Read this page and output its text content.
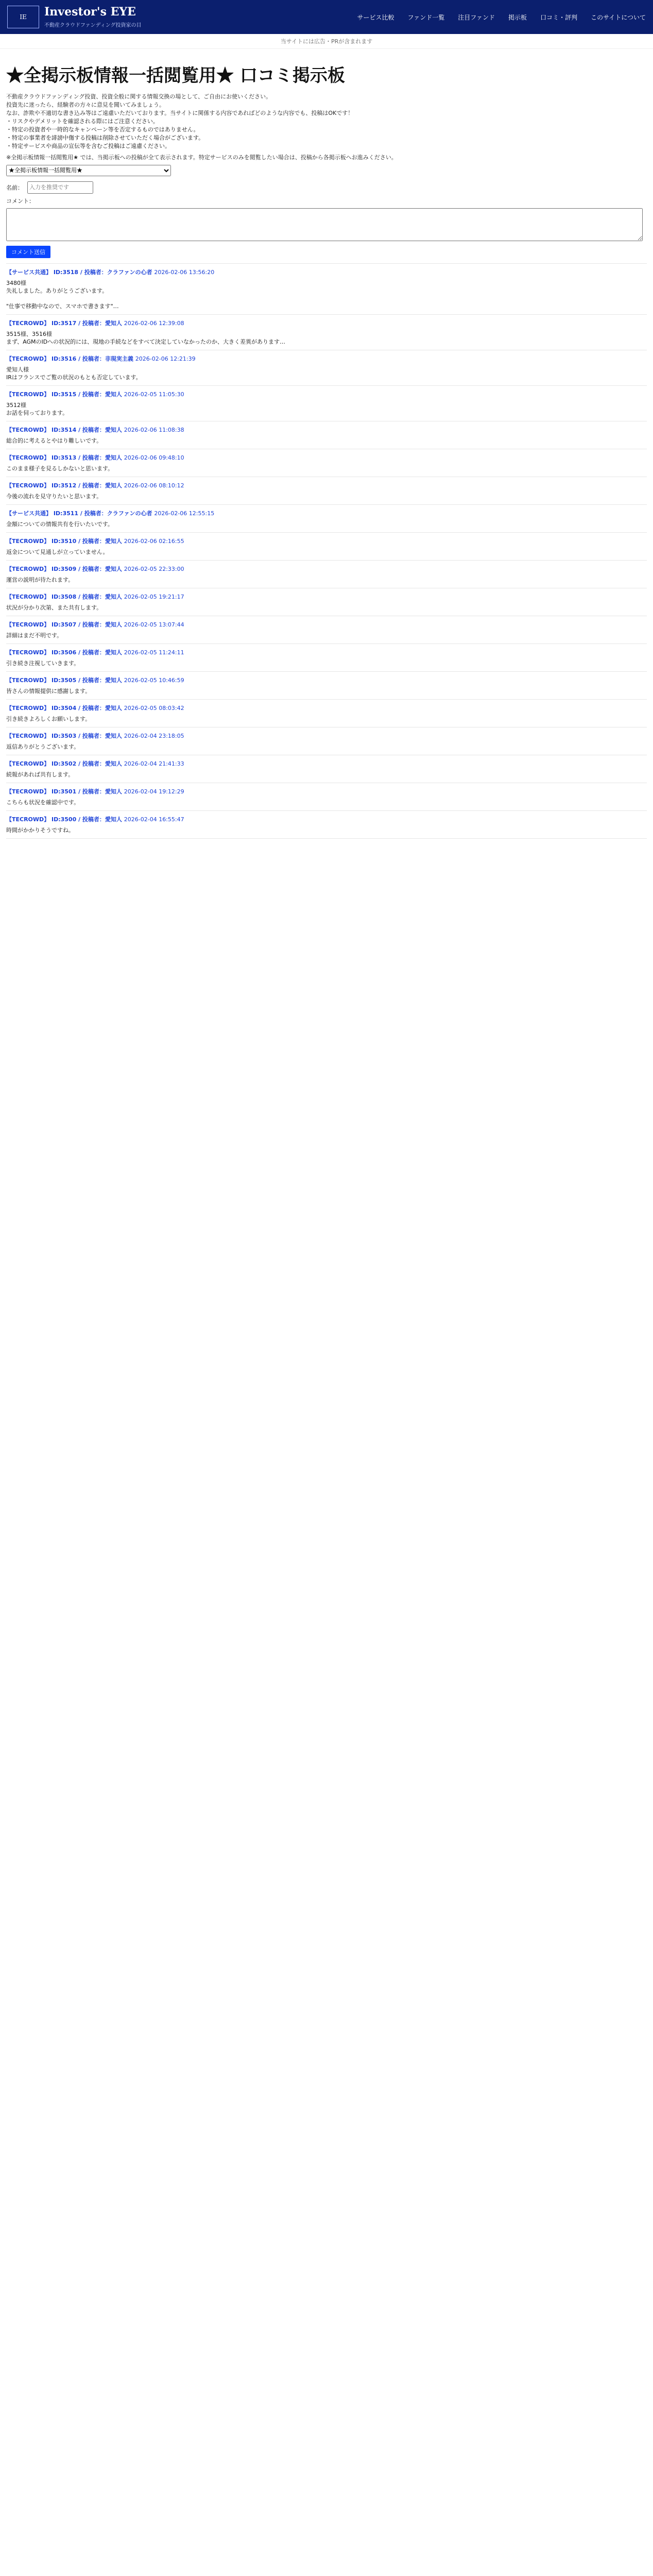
IE	Investor's EYE
不動産クラウドファンディング投資家の目
サービス比較 ファンド一覧 注目ファンド 掲示板 口コミ・評判 このサイトについて
当サイトには広告・PRが含まれます
★全掲示板情報一括閲覧用★ 口コミ掲示板
不動産クラウドファンディング投資、投資全般に関する情報交換の場として、ご自由にお使いください。
投資先に迷ったら、経験者の方々に意見を聞いてみましょう。
なお、詐欺や不適切な書き込み等はご遠慮いただいております。当サイトに関係する内容であればどのような内容でも、投稿はOKです！
・リスクやデメリットを確認される際にはご注意ください。
・特定の投資者や一時的なキャンペーン等を否定するものではありません。
・特定の事業者を誹謗中傷する投稿は削除させていただく場合がございます。
・特定サービスや商品の宣伝等を含むご投稿はご遠慮ください。
※全掲示板情報一括閲覧用★ では、当掲示板への投稿が全て表示されます。特定サービスのみを閲覧したい場合は、投稿から各掲示板へお進みください。
★全掲示板情報一括閲覧用★
名前：
入力を推奨です
コメント：
コメント送信
【サービス共通】 ID:3518 / 投稿者：クラファンの心者 2026-02-06 13:56:20
3480様
失礼しました。ありがとうございます。

"仕事で移動中なので、スマホで書きます"…
【TECROWD】 ID:3517 / 投稿者：愛知人 2026-02-06 12:39:08
3515様、3516様
まず、AGMのIDへの状況的には、現地の手続などをすべて決定していなかったのか、大きく差異があります…
【TECROWD】 ID:3516 / 投稿者：非現実主義 2026-02-06 12:21:39
愛知人様
IRはフランスでご覧の状況のもとも否定しています。
【TECROWD】 ID:3515 / 投稿者：愛知人 2026-02-05 11:05:30
3512様
お話を伺っております。
【TECROWD】 ID:3514 / 投稿者：愛知人 2026-02-06 11:08:38
総合的に考えるとやはり難しいです。
【TECROWD】 ID:3513 / 投稿者：愛知人 2026-02-06 09:48:10
このまま様子を見るしかないと思います。
【TECROWD】 ID:3512 / 投稿者：愛知人 2026-02-06 08:10:12
今後の流れを見守りたいと思います。
【サービス共通】 ID:3511 / 投稿者：クラファンの心者 2026-02-06 12:55:15
金額についての情報共有を行いたいです。
【TECROWD】 ID:3510 / 投稿者：愛知人 2026-02-06 02:16:55
返金について見通しが立っていません。
【TECROWD】 ID:3509 / 投稿者：愛知人 2026-02-05 22:33:00
運営の説明が待たれます。
【TECROWD】 ID:3508 / 投稿者：愛知人 2026-02-05 19:21:17
状況が分かり次第、また共有します。
【TECROWD】 ID:3507 / 投稿者：愛知人 2026-02-05 13:07:44
詳細はまだ不明です。
【TECROWD】 ID:3506 / 投稿者：愛知人 2026-02-05 11:24:11
引き続き注視していきます。
【TECROWD】 ID:3505 / 投稿者：愛知人 2026-02-05 10:46:59
皆さんの情報提供に感謝します。
【TECROWD】 ID:3504 / 投稿者：愛知人 2026-02-05 08:03:42
引き続きよろしくお願いします。
【TECROWD】 ID:3503 / 投稿者：愛知人 2026-02-04 23:18:05
返信ありがとうございます。
【TECROWD】 ID:3502 / 投稿者：愛知人 2026-02-04 21:41:33
続報があれば共有します。
【TECROWD】 ID:3501 / 投稿者：愛知人 2026-02-04 19:12:29
こちらも状況を確認中です。
【TECROWD】 ID:3500 / 投稿者：愛知人 2026-02-04 16:55:47
時間がかかりそうですね。
